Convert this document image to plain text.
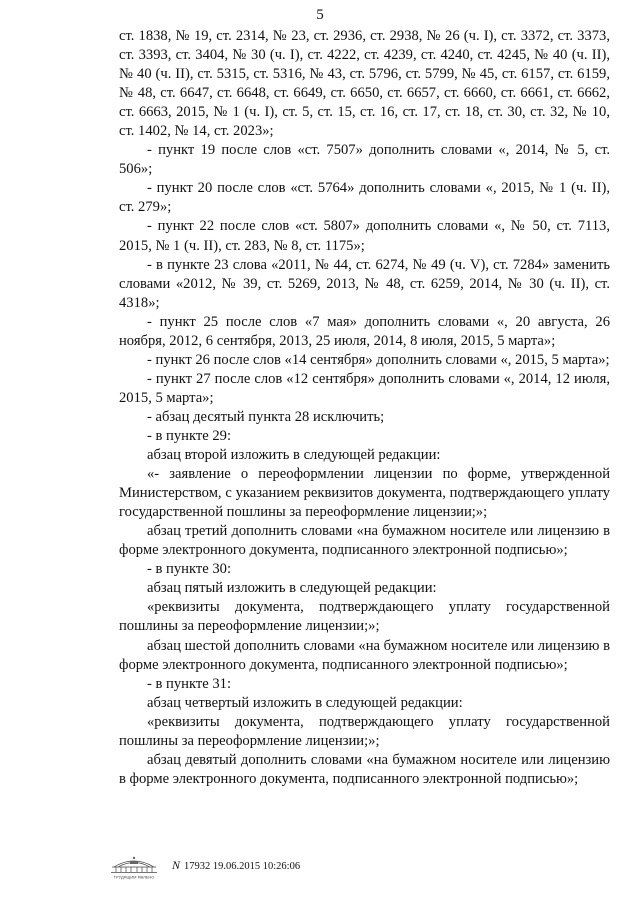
5

ст. 1838, № 19, ст. 2314, № 23, ст. 2936, ст. 2938, № 26 (ч. I), ст. 3372, ст. 3373, ст. 3393, ст. 3404, № 30 (ч. I), ст. 4222, ст. 4239, ст. 4240, ст. 4245, № 40 (ч. II), № 40 (ч. II), ст. 5315, ст. 5316, № 43, ст. 5796, ст. 5799, № 45, ст. 6157, ст. 6159, № 48, ст. 6647, ст. 6648, ст. 6649, ст. 6650, ст. 6657, ст. 6660, ст. 6661, ст. 6662, ст. 6663, 2015, № 1 (ч. I), ст. 5, ст. 15, ст. 16, ст. 17, ст. 18, ст. 30, ст. 32, № 10, ст. 1402, № 14, ст. 2023»;

- пункт 19 после слов «ст. 7507» дополнить словами «, 2014, № 5, ст. 506»;

- пункт 20 после слов «ст. 5764» дополнить словами «, 2015, № 1 (ч. II), ст. 279»;

- пункт 22 после слов «ст. 5807» дополнить словами «, № 50, ст. 7113, 2015, № 1 (ч. II), ст. 283, № 8, ст. 1175»;

- в пункте 23 слова «2011, № 44, ст. 6274, № 49 (ч. V), ст. 7284» заменить словами «2012, № 39, ст. 5269, 2013, № 48, ст. 6259, 2014, № 30 (ч. II), ст. 4318»;

- пункт 25 после слов «7 мая» дополнить словами «, 20 августа, 26 ноября, 2012, 6 сентября, 2013, 25 июля, 2014, 8 июля, 2015, 5 марта»;

- пункт 26 после слов «14 сентября» дополнить словами «, 2015, 5 марта»;

- пункт 27 после слов «12 сентября» дополнить словами «, 2014, 12 июля, 2015, 5 марта»;

- абзац десятый пункта 28 исключить;

- в пункте 29:

абзац второй изложить в следующей редакции:

«- заявление о переоформлении лицензии по форме, утвержденной Министерством, с указанием реквизитов документа, подтверждающего уплату государственной пошлины за переоформление лицензии;»;

абзац третий дополнить словами «на бумажном носителе или лицензию в форме электронного документа, подписанного электронной подписью»;

- в пункте 30:

абзац пятый изложить в следующей редакции:

«реквизиты документа, подтверждающего уплату государственной пошлины за переоформление лицензии;»;

абзац шестой дополнить словами «на бумажном носителе или лицензию в форме электронного документа, подписанного электронной подписью»;

- в пункте 31:

абзац четвертый изложить в следующей редакции:

«реквизиты документа, подтверждающего уплату государственной пошлины за переоформление лицензии;»;

абзац девятый дополнить словами «на бумажном носителе или лицензию в форме электронного документа, подписанного электронной подписью»;

ТРУДЯЩИМ ЯВЛЕНО
N 17932 19.06.2015 10:26:06
